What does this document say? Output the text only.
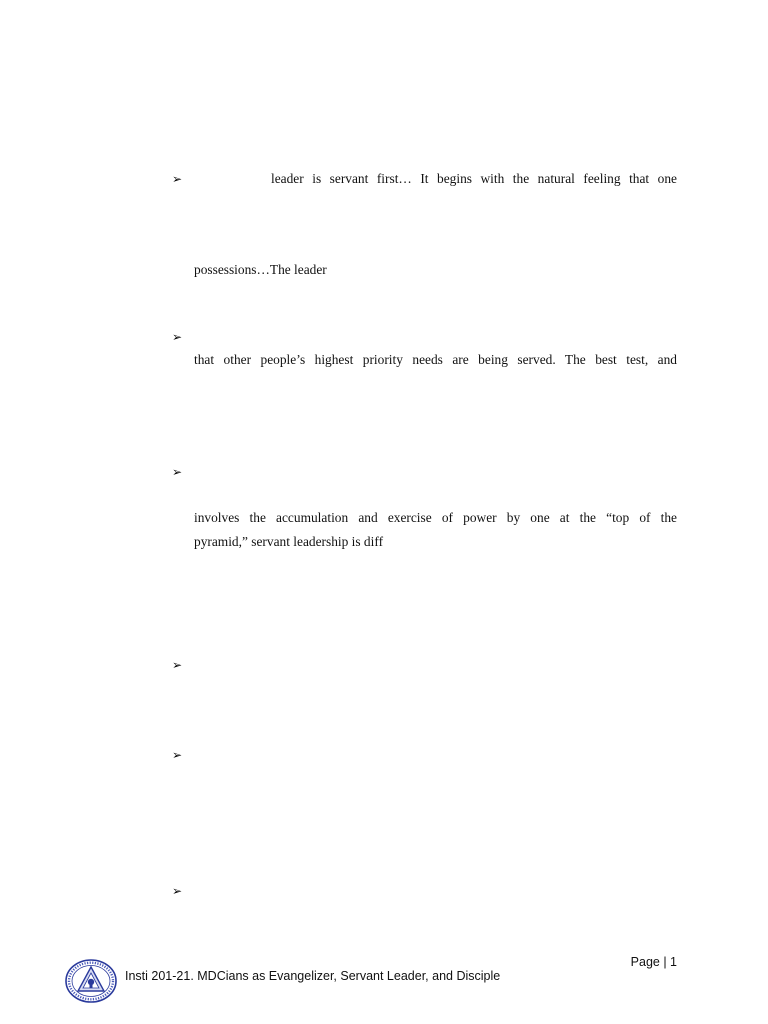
➢	leader is servant first… It begins with the natural feeling that one
possessions…The leader
➢
that other people’s highest priority needs are being served. The best test, and
➢
involves the accumulation and exercise of power by one at the “top of the
pyramid,” servant leadership is diff
➢
➢
➢
Page | 1
Insti 201-21. MDCians as Evangelizer, Servant Leader, and Disciple
